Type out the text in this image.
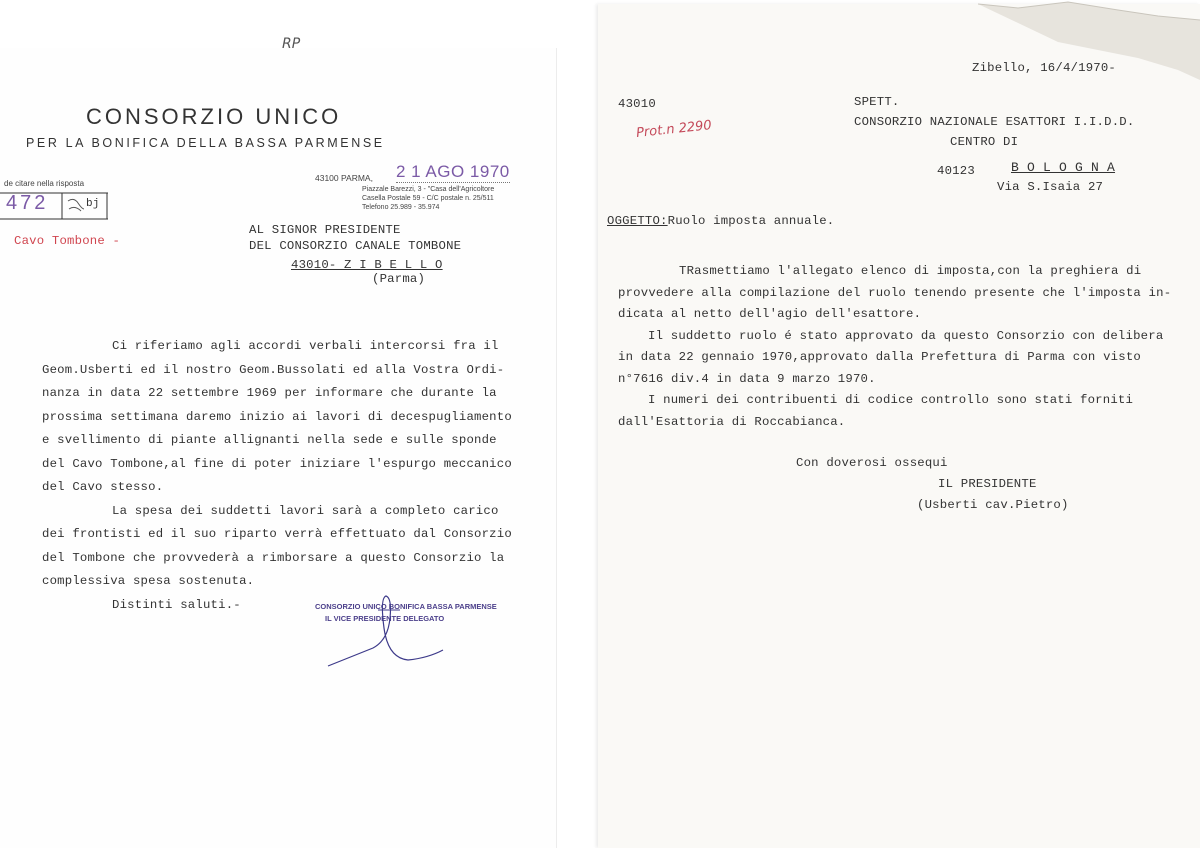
RP
CONSORZIO UNICO
PER LA BONIFICA DELLA BASSA PARMENSE
de citare nella risposta
472	bj
Cavo Tombone -
43100 PARMA, 2 1 AGO 1970
Piazzale Barezzi, 3 - "Casa dell'Agricoltore
Casella Postale 59 - C/C postale n. 25/511
Telefono 25.989 - 35.974
AL SIGNOR PRESIDENTE
DEL CONSORZIO CANALE TOMBONE
43010- Z I B E L L O
(Parma)
Ci riferiamo agli accordi verbali intercorsi fra il
Geom.Usberti ed il nostro Geom.Bussolati ed alla Vostra Ordi-
nanza in data 22 settembre 1969 per informare che durante la
prossima settimana daremo inizio ai lavori di decespugliamento
e svellimento di piante allignanti nella sede e sulle sponde
del Cavo Tombone,al fine di poter iniziare l'espurgo meccanico
del Cavo stesso.
La spesa dei suddetti lavori sarà a completo carico
dei frontisti ed il suo riparto verrà effettuato dal Consorzio
del Tombone che provvederà a rimborsare a questo Consorzio la
complessiva spesa sostenuta.
Distinti saluti.-	CONSORZIO UNICO BONIFICA BASSA PARMENSE
IL VICE PRESIDENTE DELEGATO
Zibello, 16/4/1970-
43010
Prot.n 2290
SPETT.
CONSORZIO NAZIONALE ESATTORI I.I.D.D.
CENTRO DI
40123	B O L O G N A
Via S.Isaia 27
OGGETTO:Ruolo imposta annuale.
TRasmettiamo l'allegato elenco di imposta,con la preghiera di
provvedere alla compilazione del ruolo tenendo presente che l'imposta in-
dicata al netto dell'agio dell'esattore.
Il suddetto ruolo é stato approvato da questo Consorzio con delibera
in data 22 gennaio 1970,approvato dalla Prefettura di Parma con visto
n°7616 div.4 in data 9 marzo 1970.
I numeri dei contribuenti di codice controllo sono stati forniti
dall'Esattoria di Roccabianca.
Con doverosi ossequi
IL PRESIDENTE
(Usberti cav.Pietro)
